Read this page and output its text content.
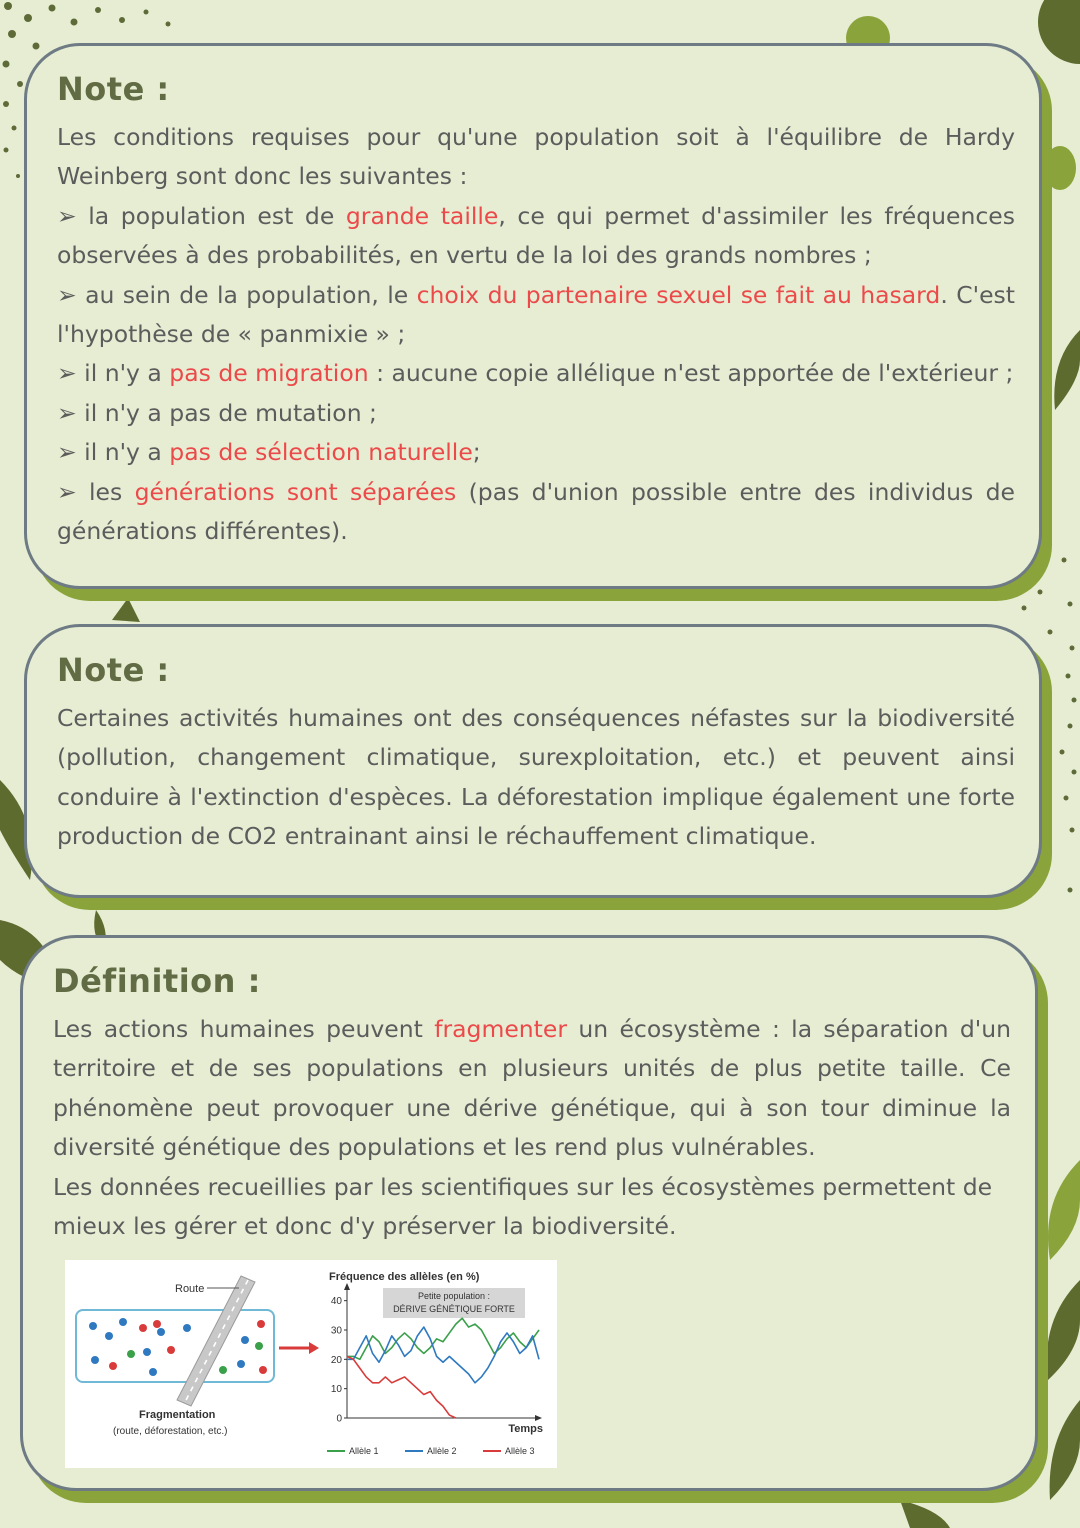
Note :

Les conditions requises pour qu'une population soit à l'équilibre de Hardy Weinberg sont donc les suivantes :

➢ la population est de grande taille, ce qui permet d'assimiler les fréquences observées à des probabilités, en vertu de la loi des grands nombres ;

➢ au sein de la population, le choix du partenaire sexuel se fait au hasard. C'est l'hypothèse de « panmixie » ;

➢ il n'y a pas de migration : aucune copie allélique n'est apportée de l'extérieur ; ➢ il n'y a pas de mutation ;

➢ il n'y a pas de sélection naturelle;

➢ les générations sont séparées (pas d'union possible entre des individus de générations différentes).

Note :

Certaines activités humaines ont des conséquences néfastes sur la biodiversité (pollution, changement climatique, surexploitation, etc.) et peuvent ainsi conduire à l'extinction d'espèces. La déforestation implique également une forte production de CO2 entrainant ainsi le réchauffement climatique.

Définition :

Les actions humaines peuvent fragmenter un écosystème : la séparation d'un territoire et de ses populations en plusieurs unités de plus petite taille. Ce phénomène peut provoquer une dérive génétique, qui à son tour diminue la diversité génétique des populations et les rend plus vulnérables.

Les données recueillies par les scientifiques sur les écosystèmes permettent de mieux les gérer et donc d'y préserver la biodiversité.

Route
Fragmentation
(route, déforestation, etc.)
Fréquence des allèles (en %)
Petite population :
DÉRIVE GÉNÉTIQUE FORTE
Temps
0
10
20
30
40
Allèle 1	Allèle 2	Allèle 3
